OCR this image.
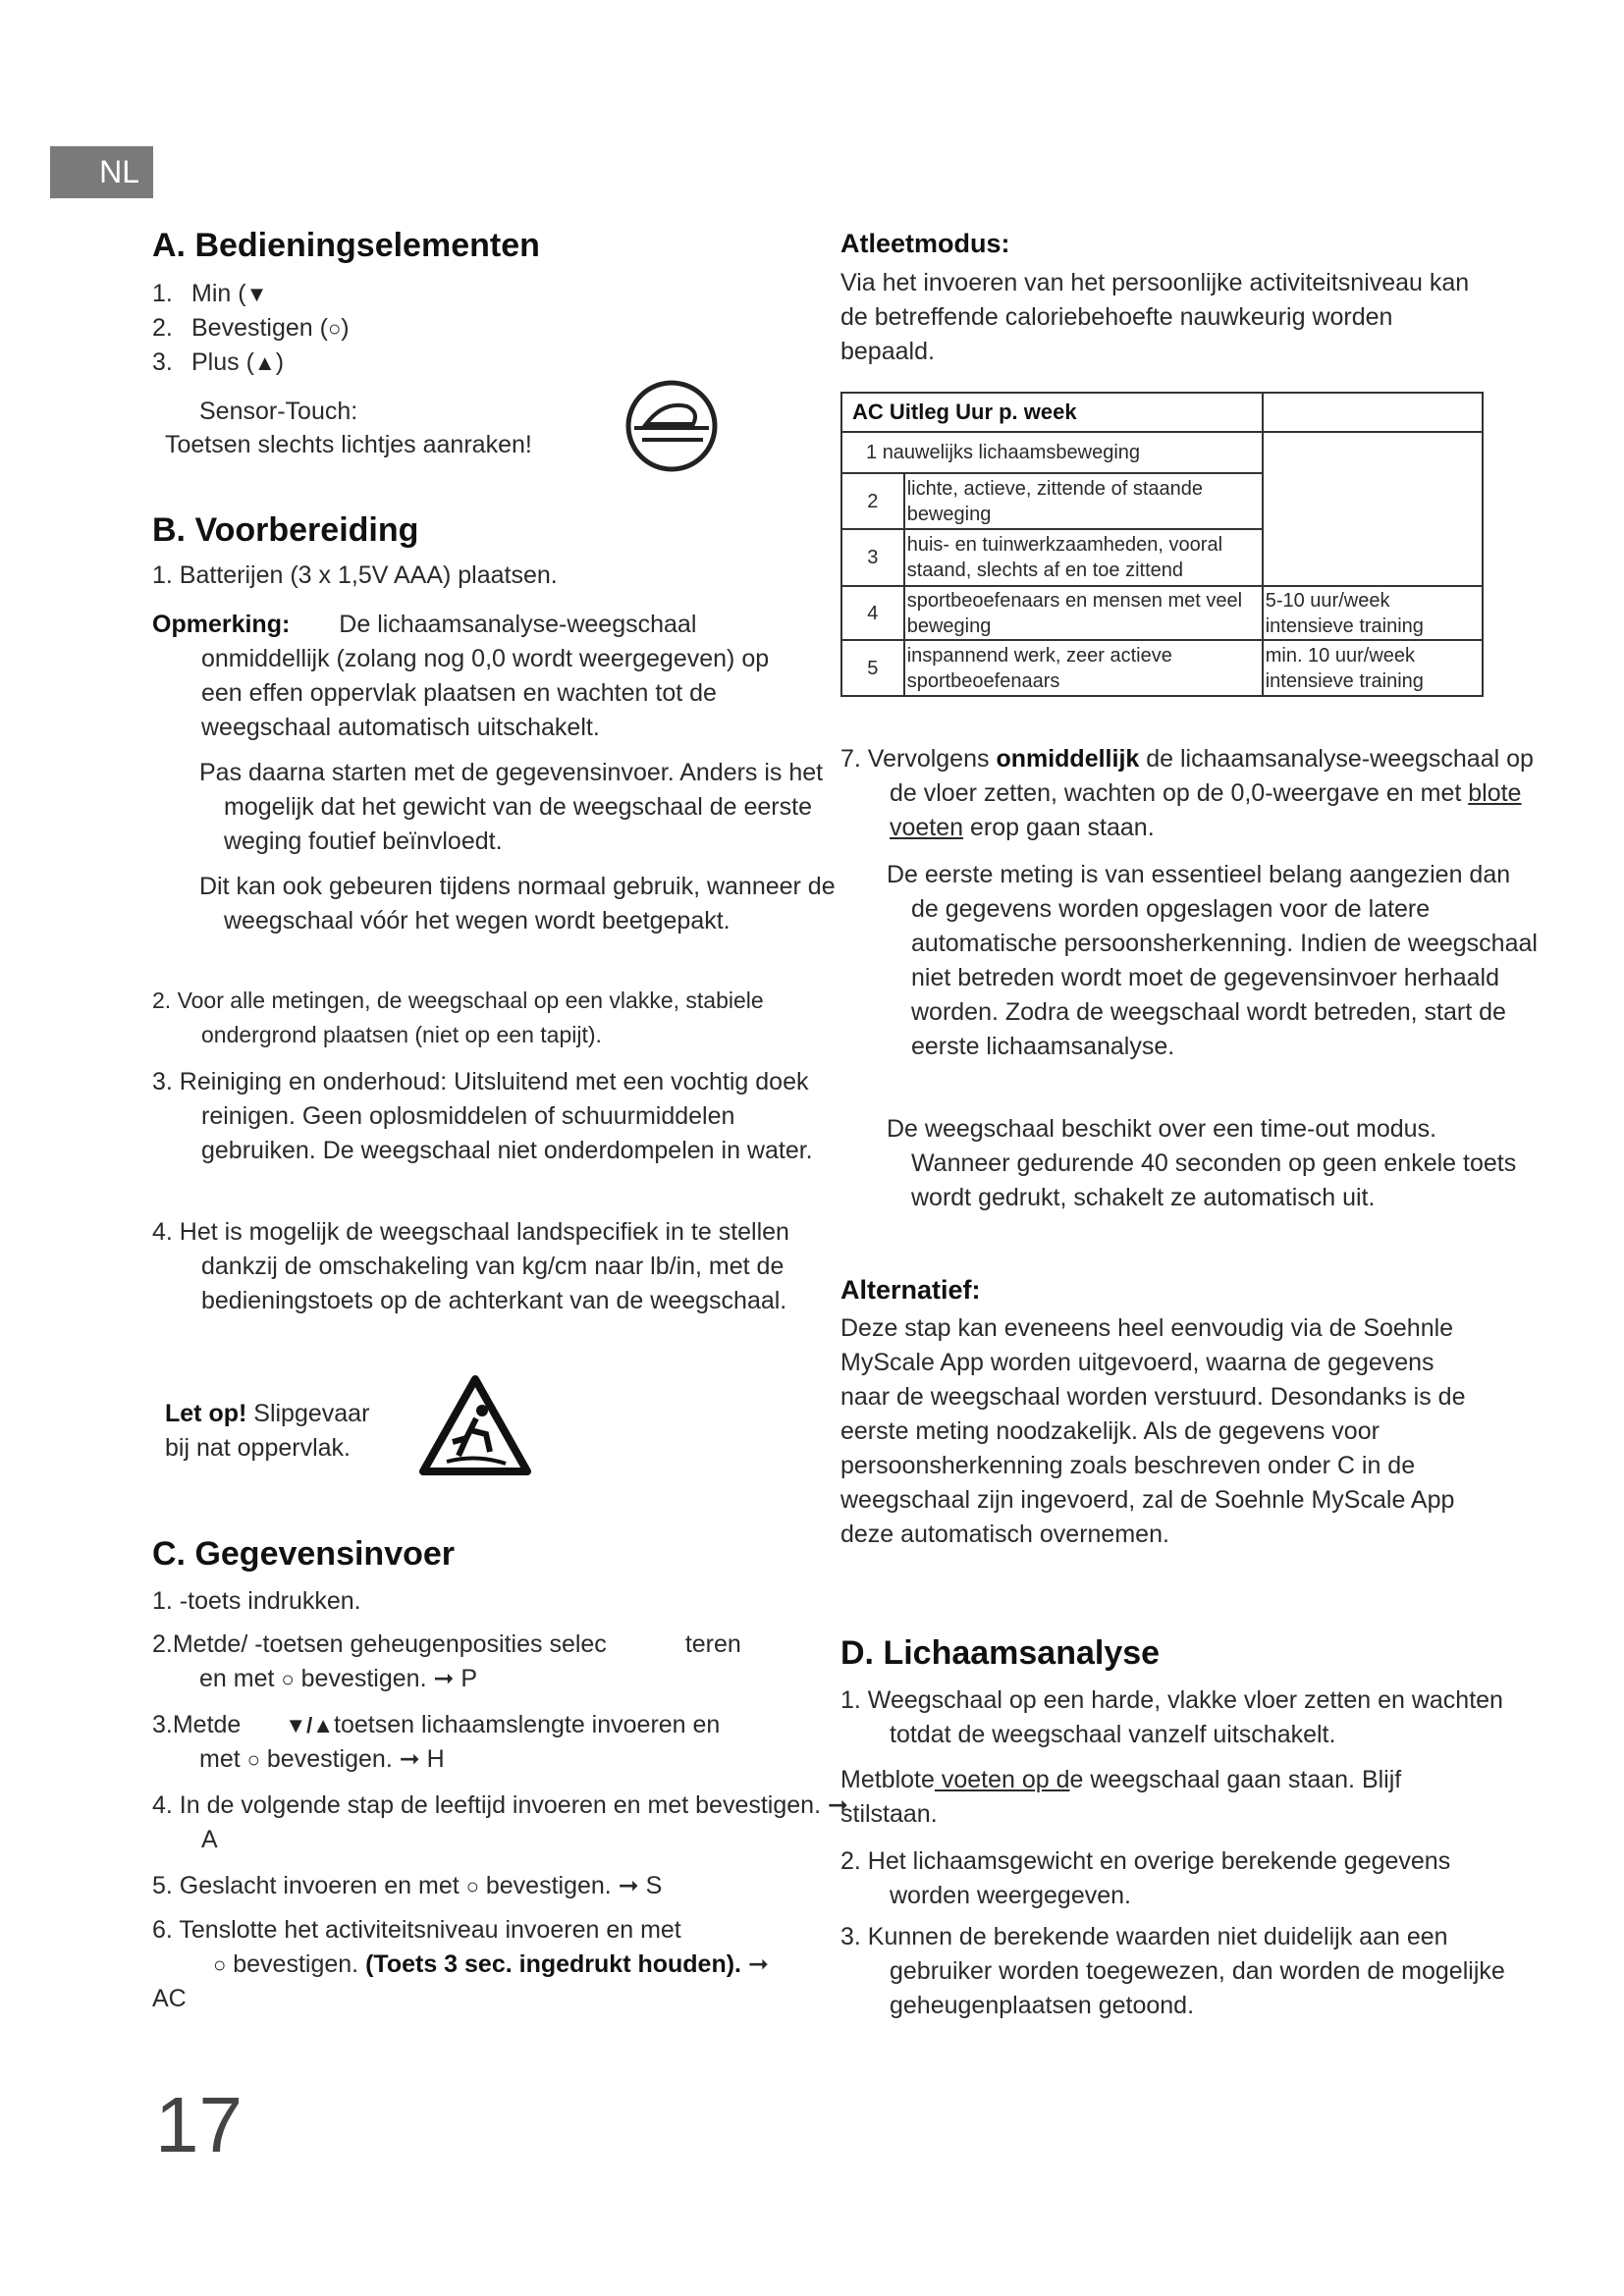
NL
A. Bedieningselementen
1. Min (▼
2. Bevestigen (○)
3. Plus (▲)
Sensor-Touch:
Toetsen slechts lichtjes aanraken!
B. Voorbereiding
1. Batterijen (3 x 1,5V AAA) plaatsen.
Opmerking: De lichaamsanalyse-weegschaal onmiddellijk (zolang nog 0,0 wordt weergegeven) op een effen oppervlak plaatsen en wachten tot de weegschaal automatisch uitschakelt.
Pas daarna starten met de gegevensinvoer. Anders is het mogelijk dat het gewicht van de weegschaal de eerste weging foutief beïnvloedt.
Dit kan ook gebeuren tijdens normaal gebruik, wanneer de weegschaal vóór het wegen wordt beetgepakt.
2. Voor alle metingen, de weegschaal op een vlakke, stabiele ondergrond plaatsen (niet op een tapijt).
3. Reiniging en onderhoud: Uitsluitend met een vochtig doek reinigen. Geen oplosmiddelen of schuurmiddelen gebruiken. De weegschaal niet onderdompelen in water.
4. Het is mogelijk de weegschaal landspecifiek in te stellen dankzij de omschakeling van kg/cm naar lb/in, met de bedieningstoets op de achterkant van de weegschaal.
Let op! Slipgevaar
bij nat oppervlak.
C. Gegevensinvoer
1. -toets indrukken.
2.Metde/ -toetsen geheugenposities selec	teren
en met ○ bevestigen. ➞ P
3.Metde ▼/▲toetsen lichaamslengte invoeren en
met ○ bevestigen. ➞ H
4. In de volgende stap de leeftijd invoeren en met bevestigen. ➞ A
5. Geslacht invoeren en met ○ bevestigen. ➞ S
6. Tenslotte het activiteitsniveau invoeren en met
○ bevestigen. (Toets 3 sec. ingedrukt houden). ➞ AC
17
Atleetmodus:
Via het invoeren van het persoonlijke activiteitsniveau kan de betreffende caloriebehoefte nauwkeurig worden bepaald.
AC Uitleg Uur p. week		
1 nauwelijks lichaamsbeweging		
2	lichte, actieve, zittende of staande beweging	
3	huis- en tuinwerkzaamheden, vooral staand, slechts af en toe zittend	
4	sportbeoefenaars en mensen met veel beweging	5-10 uur/week intensieve training
5	inspannend werk, zeer actieve sportbeoefenaars	min. 10 uur/week intensieve training
7. Vervolgens onmiddellijk de lichaamsanalyse-weegschaal op de vloer zetten, wachten op de 0,0-weergave en met blote voeten erop gaan staan.
De eerste meting is van essentieel belang aangezien dan de gegevens worden opgeslagen voor de latere automatische persoonsherkenning. Indien de weegschaal niet betreden wordt moet de gegevensinvoer herhaald worden. Zodra de weegschaal wordt betreden, start de eerste lichaamsanalyse.
De weegschaal beschikt over een time-out modus. Wanneer gedurende 40 seconden op geen enkele toets wordt gedrukt, schakelt ze automatisch uit.
Alternatief:
Deze stap kan eveneens heel eenvoudig via de Soehnle MyScale App worden uitgevoerd, waarna de gegevens naar de weegschaal worden verstuurd. Desondanks is de eerste meting noodzakelijk. Als de gegevens voor persoonsherkenning zoals beschreven onder C in de weegschaal zijn ingevoerd, zal de Soehnle MyScale App deze automatisch overnemen.
D. Lichaamsanalyse
1. Weegschaal op een harde, vlakke vloer zetten en wachten totdat de weegschaal vanzelf uitschakelt.
Metblote voeten op de weegschaal gaan staan. Blijf stilstaan.
2. Het lichaamsgewicht en overige berekende gegevens worden weergegeven.
3. Kunnen de berekende waarden niet duidelijk aan een gebruiker worden toegewezen, dan worden de mogelijke geheugenplaatsen getoond.
